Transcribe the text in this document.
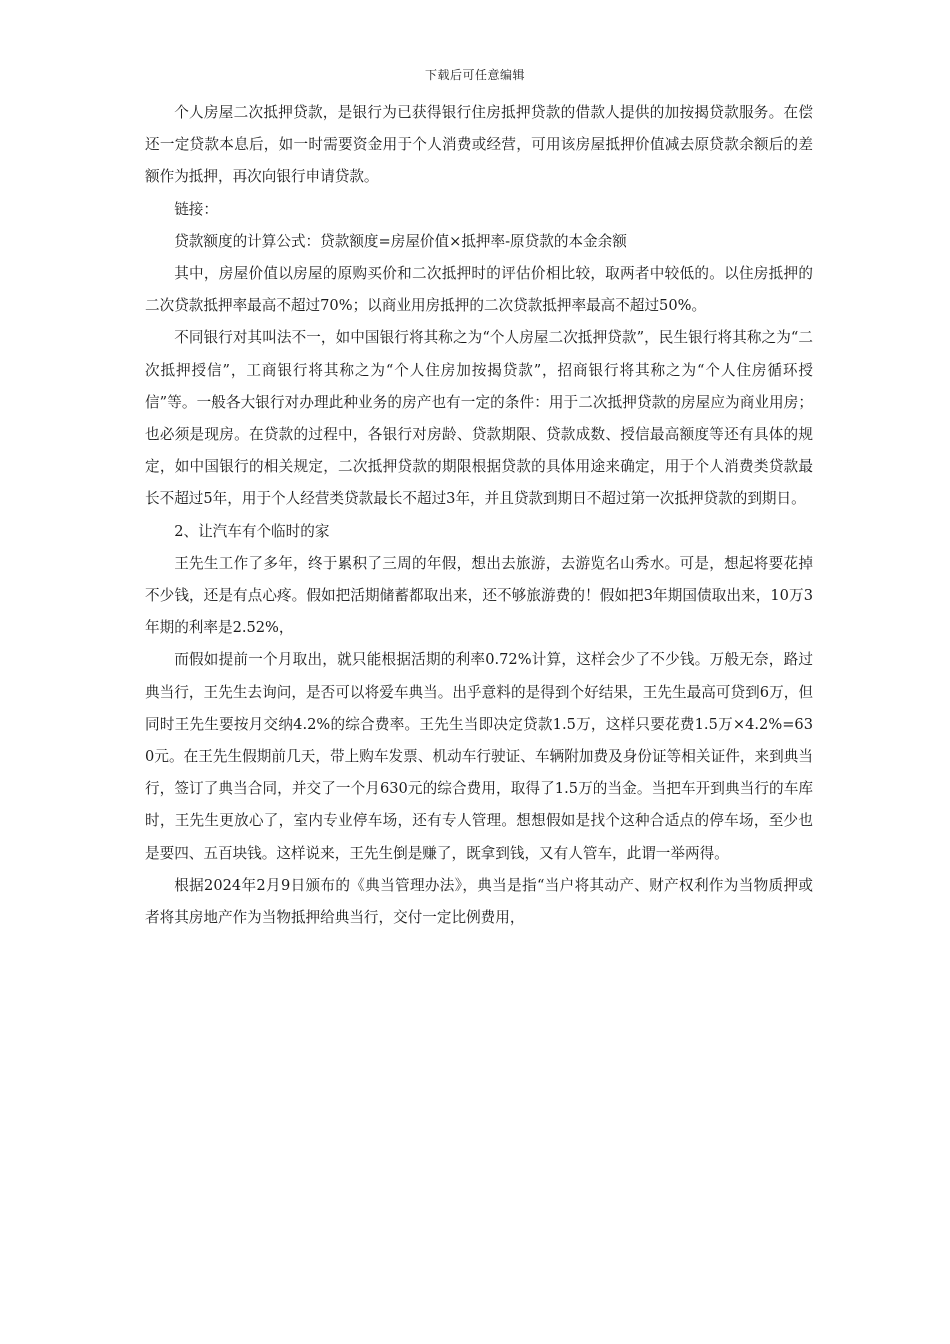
下载后可任意编辑

个人房屋二次抵押贷款，是银行为已获得银行住房抵押贷款的借款人提供的加按揭贷款服务。在偿还一定贷款本息后，如一时需要资金用于个人消费或经营，可用该房屋抵押价值减去原贷款余额后的差额作为抵押，再次向银行申请贷款。

链接：

贷款额度的计算公式：贷款额度=房屋价值×抵押率-原贷款的本金余额

其中，房屋价值以房屋的原购买价和二次抵押时的评估价相比较，取两者中较低的。以住房抵押的二次贷款抵押率最高不超过70%；以商业用房抵押的二次贷款抵押率最高不超过50%。

不同银行对其叫法不一，如中国银行将其称之为“个人房屋二次抵押贷款”，民生银行将其称之为“二次抵押授信”，工商银行将其称之为“个人住房加按揭贷款”，招商银行将其称之为“个人住房循环授信”等。一般各大银行对办理此种业务的房产也有一定的条件：用于二次抵押贷款的房屋应为商业用房；也必须是现房。在贷款的过程中，各银行对房龄、贷款期限、贷款成数、授信最高额度等还有具体的规定，如中国银行的相关规定，二次抵押贷款的期限根据贷款的具体用途来确定，用于个人消费类贷款最长不超过5年，用于个人经营类贷款最长不超过3年，并且贷款到期日不超过第一次抵押贷款的到期日。

2、让汽车有个临时的家

王先生工作了多年，终于累积了三周的年假，想出去旅游，去游览名山秀水。可是，想起将要花掉不少钱，还是有点心疼。假如把活期储蓄都取出来，还不够旅游费的！假如把3年期国债取出来，10万3年期的利率是2.52%，

而假如提前一个月取出，就只能根据活期的利率0.72%计算，这样会少了不少钱。万般无奈，路过典当行，王先生去询问，是否可以将爱车典当。出乎意料的是得到个好结果，王先生最高可贷到6万，但同时王先生要按月交纳4.2%的综合费率。王先生当即决定贷款1.5万，这样只要花费1.5万×4.2%=630元。在王先生假期前几天，带上购车发票、机动车行驶证、车辆附加费及身份证等相关证件，来到典当行，签订了典当合同，并交了一个月630元的综合费用，取得了1.5万的当金。当把车开到典当行的车库时，王先生更放心了，室内专业停车场，还有专人管理。想想假如是找个这种合适点的停车场，至少也是要四、五百块钱。这样说来，王先生倒是赚了，既拿到钱，又有人管车，此谓一举两得。

根据2024年2月9日颁布的《典当管理办法》，典当是指“当户将其动产、财产权利作为当物质押或者将其房地产作为当物抵押给典当行，交付一定比例费用，
